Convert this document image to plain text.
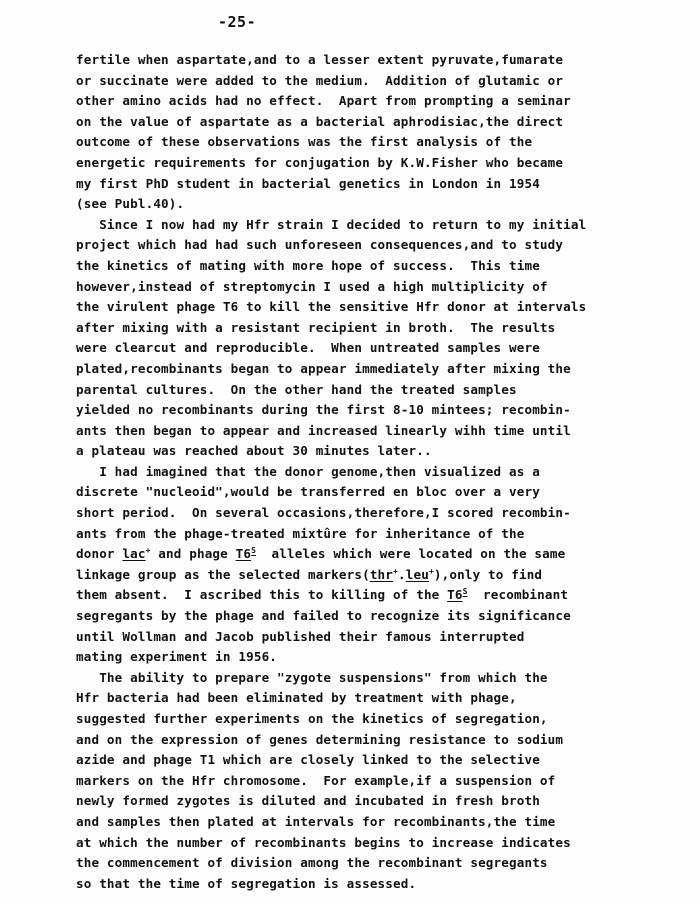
-25-
fertile when aspartate,and to a lesser extent pyruvate,fumarate
or succinate were added to the medium.  Addition of glutamic or
other amino acids had no effect.  Apart from prompting a seminar
on the value of aspartate as a bacterial aphrodisiac,the direct
outcome of these observations was the first analysis of the
energetic requirements for conjugation by K.W.Fisher who became
my first PhD student in bacterial genetics in London in 1954
(see Publ.40).
Since I now had my Hfr strain I decided to return to my initial
project which had had such unforeseen consequences,and to study
the kinetics of mating with more hope of success.  This time
however,instead of streptomycin I used a high multiplicity of
the virulent phage T6 to kill the sensitive Hfr donor at intervals
after mixing with a resistant recipient in broth.  The results
were clearcut and reproducible.  When untreated samples were
plated,recombinants began to appear immediately after mixing the
parental cultures.  On the other hand the treated samples
yielded no recombinants during the first 8-10 mintees; recombin-
ants then began to appear and increased linearly wihh time until
a plateau was reached about 30 minutes later..
I had imagined that the donor genome,then visualized as a
discrete "nucleoid",would be transferred en bloc over a very
short period.  On several occasions,therefore,I scored recombin-
ants from the phage-treated mixtûre for inheritance of the
donor lac+ and phage $T6^S$  alleles which were located on the same
linkage group as the selected markers(thr+.leu+),only to find
them absent.  I ascribed this to killing of the $T6^S$  recombinant
segregants by the phage and failed to recognize its significance
until Wollman and Jacob published their famous interrupted
mating experiment in 1956.
The ability to prepare "zygote suspensions" from which the
Hfr bacteria had been eliminated by treatment with phage,
suggested further experiments on the kinetics of segregation,
and on the expression of genes determining resistance to sodium
azide and phage T1 which are closely linked to the selective
markers on the Hfr chromosome.  For example,if a suspension of
newly formed zygotes is diluted and incubated in fresh broth
and samples then plated at intervals for recombinants,the time
at which the number of recombinants begins to increase indicates
the commencement of division among the recombinant segregants
so that the time of segregation is assessed.
